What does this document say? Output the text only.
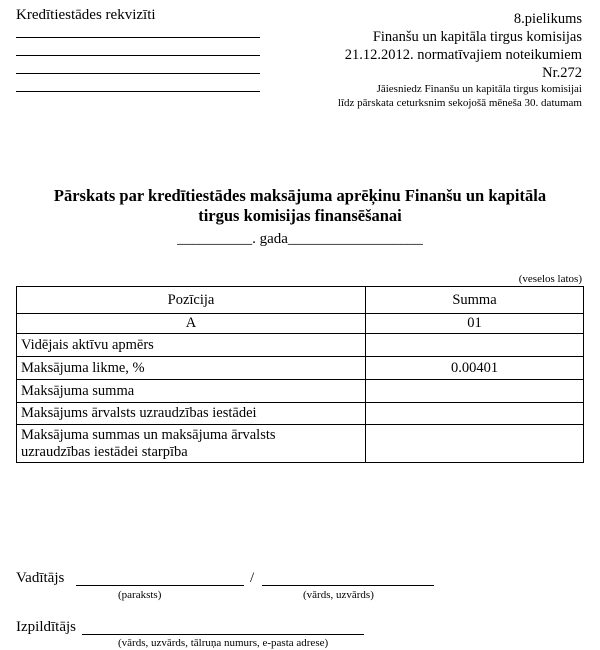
Kredītiestādes rekvizīti	8.pielikums
Finanšu un kapitāla tirgus komisijas
21.12.2012. normatīvajiem noteikumiem
Nr.272
Jāiesniedz Finanšu un kapitāla tirgus komisijai
līdz pārskata ceturksnim sekojošā mēneša 30. datumam
Pārskats par kredītiestādes maksājuma aprēķinu Finanšu un kapitāla
tirgus komisijas finansēšanai
__________. gada__________________
(veselos latos)
Pozīcija	Summa
A	01
Vidējais aktīvu apmērs	
Maksājuma likme, %	0.00401
Maksājuma summa	
Maksājums ārvalsts uzraudzības iestādei	

Maksājuma summas un maksājuma ārvalsts
uzraudzības iestādei starpība	

Vadītājs	/
(paraksts)	(vārds, uzvārds)
Izpildītājs
(vārds, uzvārds, tālruņa numurs, e-pasta adrese)
